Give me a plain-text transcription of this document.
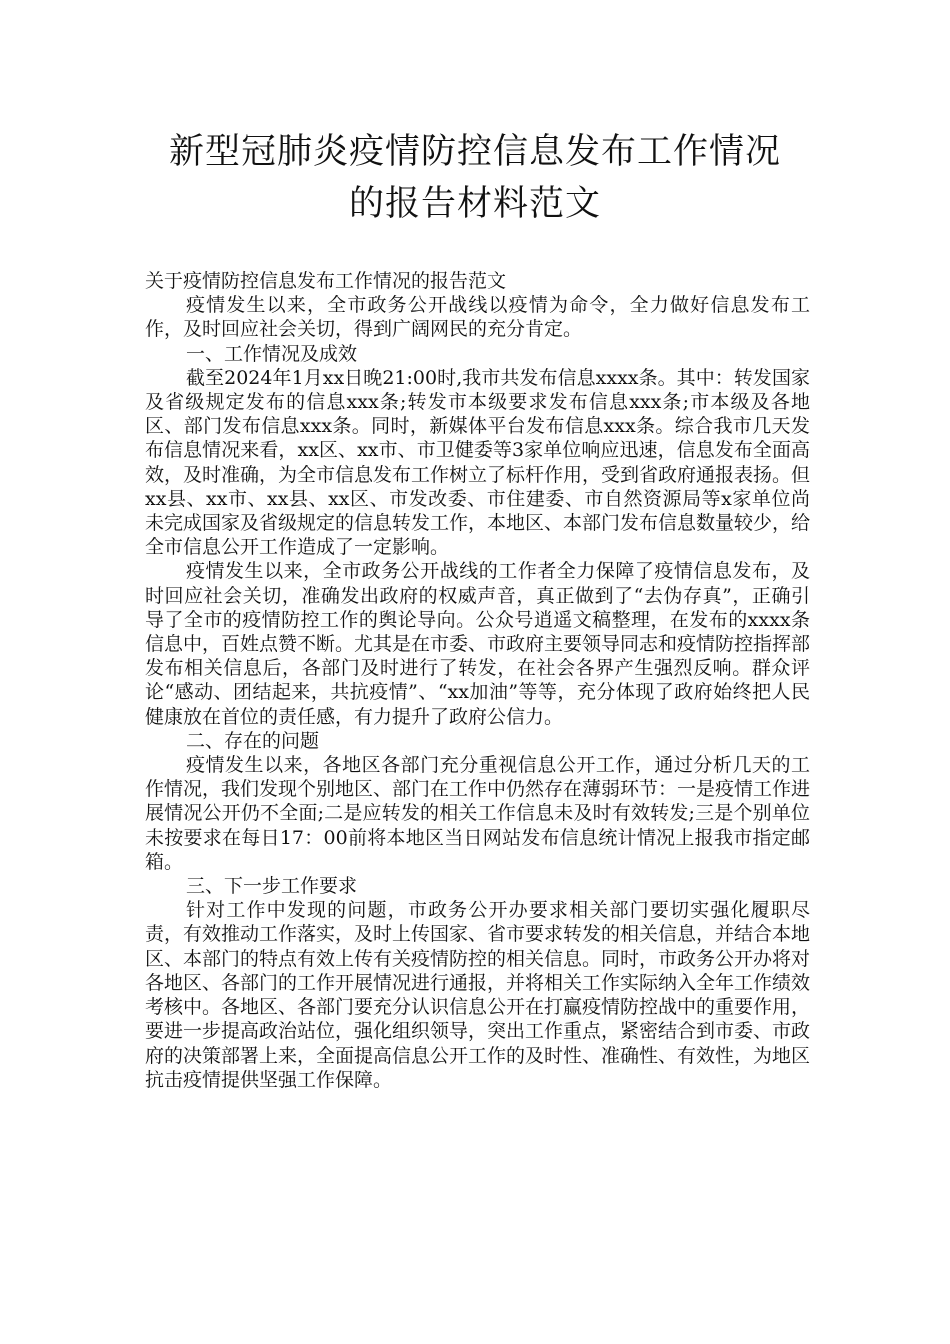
新型冠肺炎疫情防控信息发布工作情况
的报告材料范文

关于疫情防控信息发布工作情况的报告范文

疫情发生以来，全市政务公开战线以疫情为命令，全力做好信息发布工作，及时回应社会关切，得到广阔网民的充分肯定。

一、工作情况及成效

截至2024年1月xx日晚21:00时,我市共发布信息xxxx条。其中：转发国家及省级规定发布的信息xxx条;转发市本级要求发布信息xxx条;市本级及各地区、部门发布信息xxx条。同时，新媒体平台发布信息xxx条。综合我市几天发布信息情况来看，xx区、xx市、市卫健委等3家单位响应迅速，信息发布全面高效，及时准确，为全市信息发布工作树立了标杆作用，受到省政府通报表扬。但xx县、xx市、xx县、xx区、市发改委、市住建委、市自然资源局等x家单位尚未完成国家及省级规定的信息转发工作，本地区、本部门发布信息数量较少，给全市信息公开工作造成了一定影响。

疫情发生以来，全市政务公开战线的工作者全力保障了疫情信息发布，及时回应社会关切，准确发出政府的权威声音，真正做到了“去伪存真”，正确引导了全市的疫情防控工作的舆论导向。公众号逍遥文稿整理，在发布的xxxx条信息中，百姓点赞不断。尤其是在市委、市政府主要领导同志和疫情防控指挥部发布相关信息后，各部门及时进行了转发，在社会各界产生强烈反响。群众评论“感动、团结起来，共抗疫情”、“xx加油”等等，充分体现了政府始终把人民健康放在首位的责任感，有力提升了政府公信力。

二、存在的问题

疫情发生以来，各地区各部门充分重视信息公开工作，通过分析几天的工作情况，我们发现个别地区、部门在工作中仍然存在薄弱环节：一是疫情工作进展情况公开仍不全面;二是应转发的相关工作信息未及时有效转发;三是个别单位未按要求在每日17：00前将本地区当日网站发布信息统计情况上报我市指定邮箱。

三、下一步工作要求

针对工作中发现的问题，市政务公开办要求相关部门要切实强化履职尽责，有效推动工作落实，及时上传国家、省市要求转发的相关信息，并结合本地区、本部门的特点有效上传有关疫情防控的相关信息。同时，市政务公开办将对各地区、各部门的工作开展情况进行通报，并将相关工作实际纳入全年工作绩效考核中。各地区、各部门要充分认识信息公开在打赢疫情防控战中的重要作用，要进一步提高政治站位，强化组织领导，突出工作重点，紧密结合到市委、市政府的决策部署上来，全面提高信息公开工作的及时性、准确性、有效性，为地区抗击疫情提供坚强工作保障。
